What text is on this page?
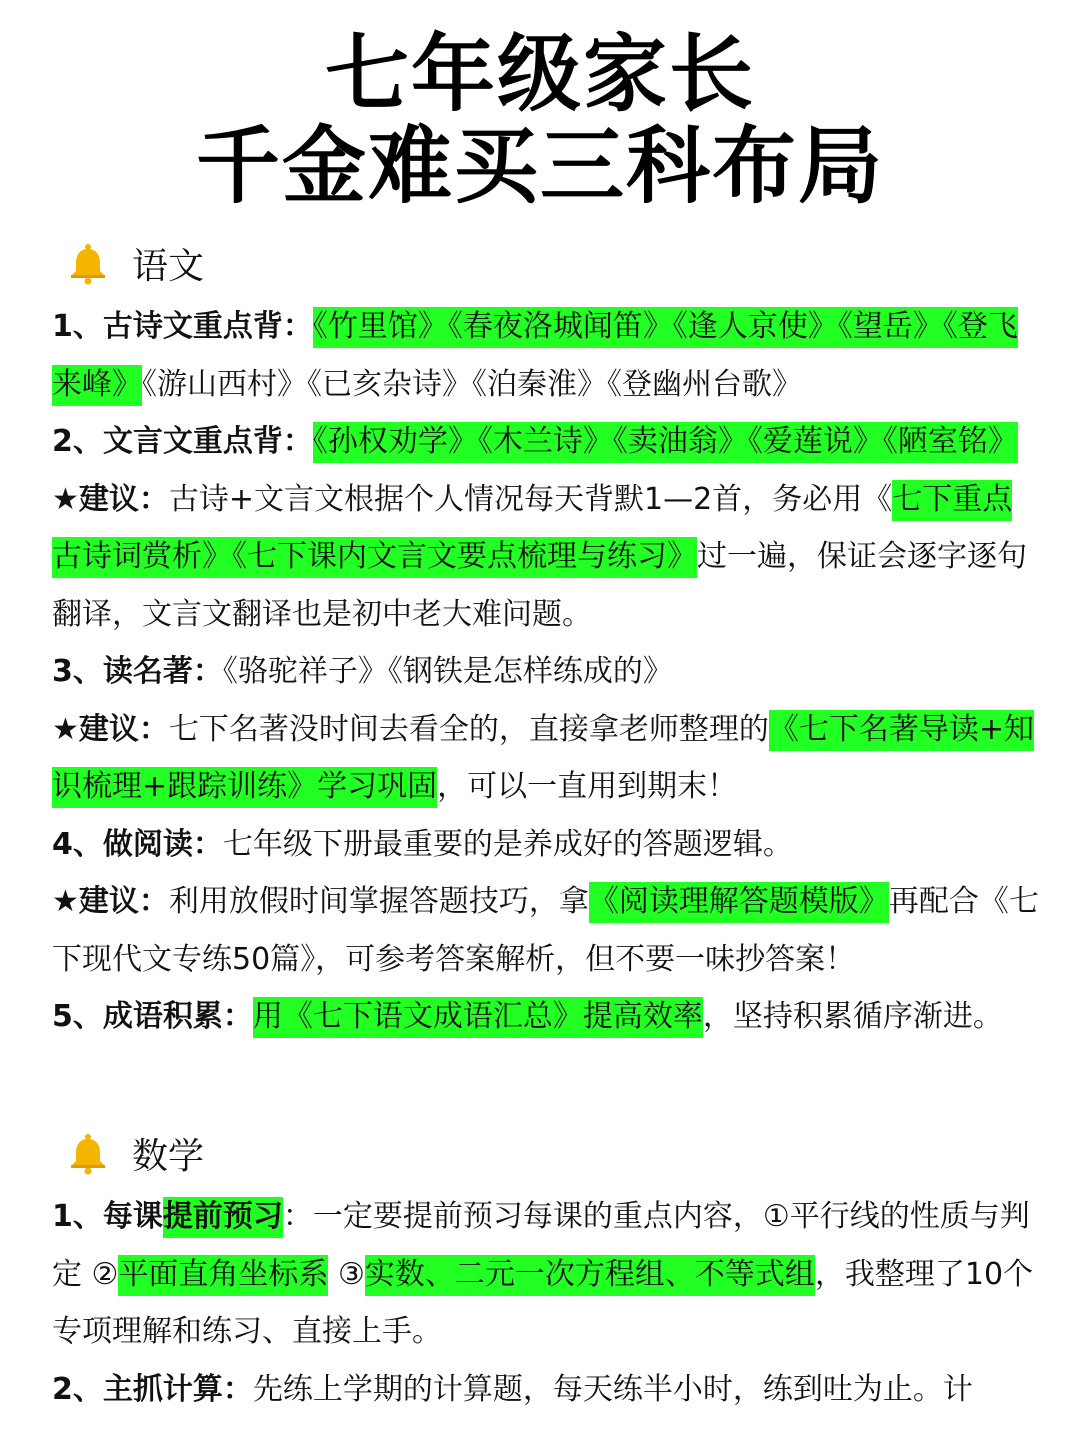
七年级家长
千金难买三科布局
语文

1、古诗文重点背：《竹里馆》《春夜洛城闻笛》《逢人京使》《望岳》《登飞来峰》《游山西村》《已亥杂诗》《泊秦淮》《登幽州台歌》

2、文言文重点背：《孙权劝学》《木兰诗》《卖油翁》《爱莲说》《陋室铭》

★建议：古诗+文言文根据个人情况每天背默1—2首，务必用《七下重点古诗词赏析》《七下课内文言文要点梳理与练习》过一遍，保证会逐字逐句翻译，文言文翻译也是初中老大难问题。

3、读名著：《骆驼祥子》《钢铁是怎样练成的》

★建议：七下名著没时间去看全的，直接拿老师整理的《七下名著导读+知识梳理+跟踪训练》学习巩固，可以一直用到期末！

4、做阅读：七年级下册最重要的是养成好的答题逻辑。

★建议：利用放假时间掌握答题技巧，拿《阅读理解答题模版》再配合《七下现代文专练50篇》，可参考答案解析，但不要一味抄答案！

5、成语积累：用《七下语文成语汇总》提高效率，坚持积累循序渐进。

数学

1、每课提前预习：一定要提前预习每课的重点内容，①平行线的性质与判定 ②平面直角坐标系 ③实数、二元一次方程组、不等式组，我整理了10个专项理解和练习、直接上手。

2、主抓计算：先练上学期的计算题，每天练半小时，练到吐为止。计
